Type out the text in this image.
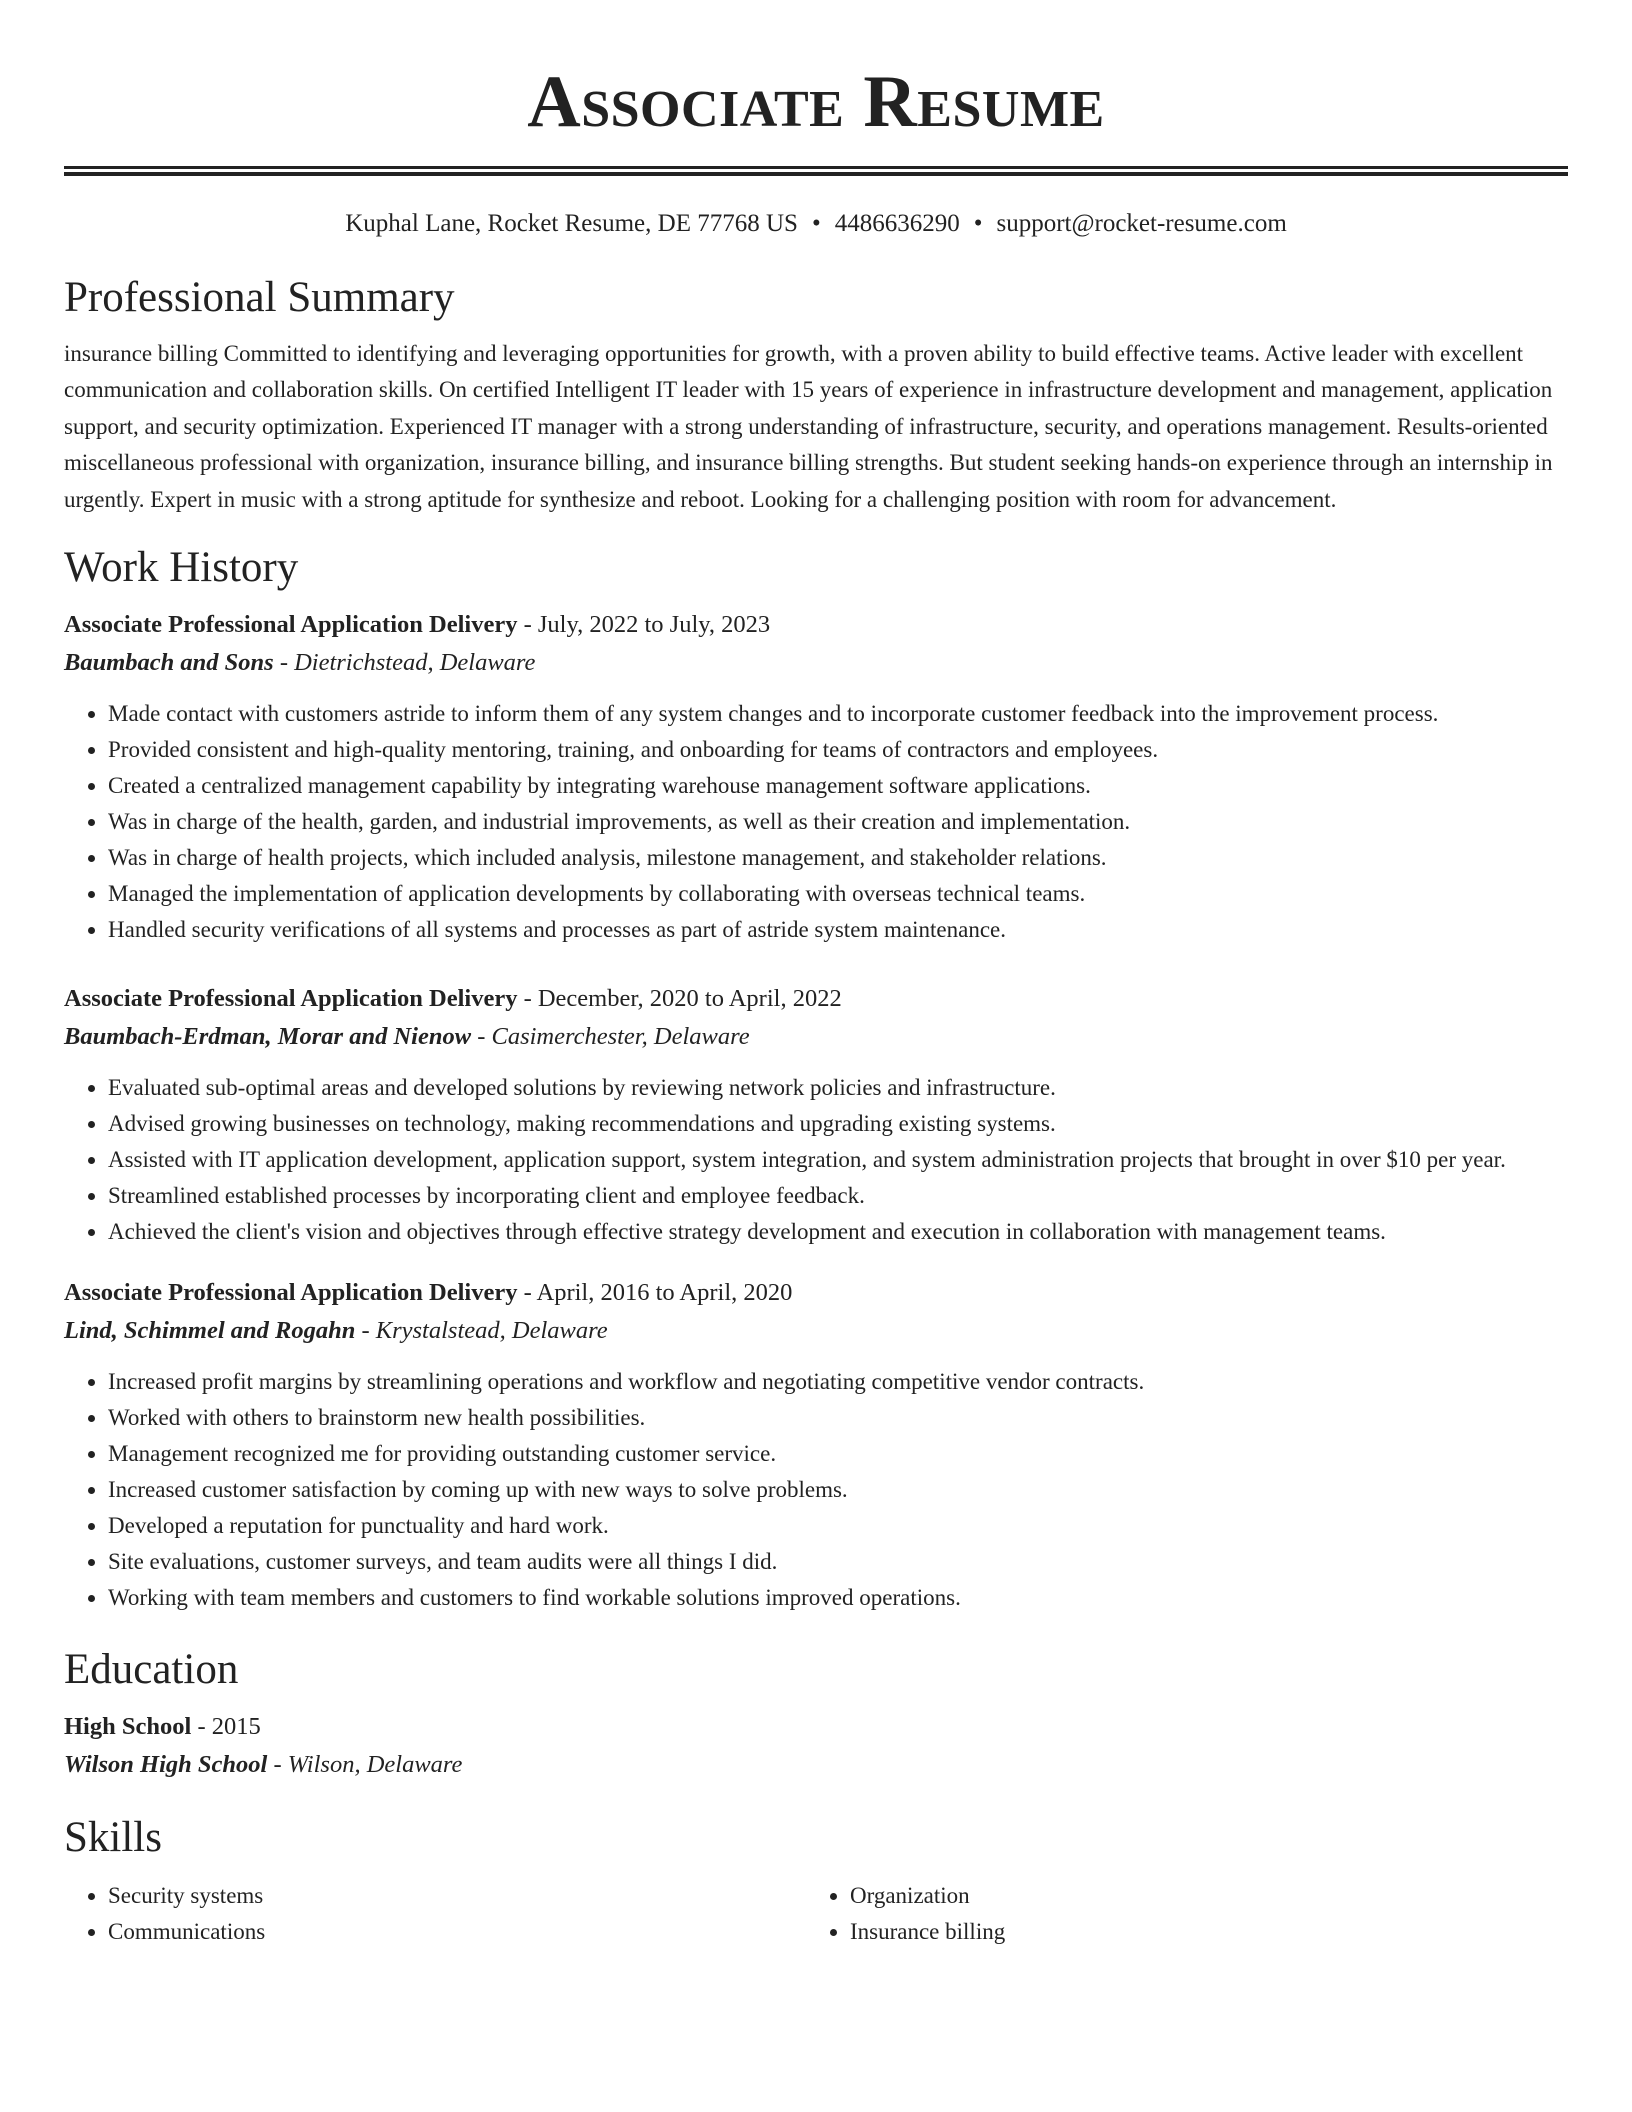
Associate Resume
Kuphal Lane, Rocket Resume, DE 77768 US • 4486636290 • support@rocket-resume.com
Professional Summary

insurance billing Committed to identifying and leveraging opportunities for growth, with a proven ability to build effective teams. Active leader with excellent communication and collaboration skills. On certified Intelligent IT leader with 15 years of experience in infrastructure development and management, application support, and security optimization. Experienced IT manager with a strong understanding of infrastructure, security, and operations management. Results-oriented miscellaneous professional with organization, insurance billing, and insurance billing strengths. But student seeking hands-on experience through an internship in urgently. Expert in music with a strong aptitude for synthesize and reboot. Looking for a challenging position with room for advancement.

Work History
Associate Professional Application Delivery - July, 2022 to July, 2023
Baumbach and Sons - Dietrichstead, Delaware
• Made contact with customers astride to inform them of any system changes and to incorporate customer feedback into the improvement process.
• Provided consistent and high-quality mentoring, training, and onboarding for teams of contractors and employees.
• Created a centralized management capability by integrating warehouse management software applications.
• Was in charge of the health, garden, and industrial improvements, as well as their creation and implementation.
• Was in charge of health projects, which included analysis, milestone management, and stakeholder relations.
• Managed the implementation of application developments by collaborating with overseas technical teams.
• Handled security verifications of all systems and processes as part of astride system maintenance.
Associate Professional Application Delivery - December, 2020 to April, 2022
Baumbach-Erdman, Morar and Nienow - Casimerchester, Delaware
• Evaluated sub-optimal areas and developed solutions by reviewing network policies and infrastructure.
• Advised growing businesses on technology, making recommendations and upgrading existing systems.
• Assisted with IT application development, application support, system integration, and system administration projects that brought in over $10 per year.
• Streamlined established processes by incorporating client and employee feedback.
• Achieved the client's vision and objectives through effective strategy development and execution in collaboration with management teams.
Associate Professional Application Delivery - April, 2016 to April, 2020
Lind, Schimmel and Rogahn - Krystalstead, Delaware
• Increased profit margins by streamlining operations and workflow and negotiating competitive vendor contracts.
• Worked with others to brainstorm new health possibilities.
• Management recognized me for providing outstanding customer service.
• Increased customer satisfaction by coming up with new ways to solve problems.
• Developed a reputation for punctuality and hard work.
• Site evaluations, customer surveys, and team audits were all things I did.
• Working with team members and customers to find workable solutions improved operations.
Education
High School - 2015
Wilson High School - Wilson, Delaware
Skills
• Security systems
• Communications
• Organization
• Insurance billing
